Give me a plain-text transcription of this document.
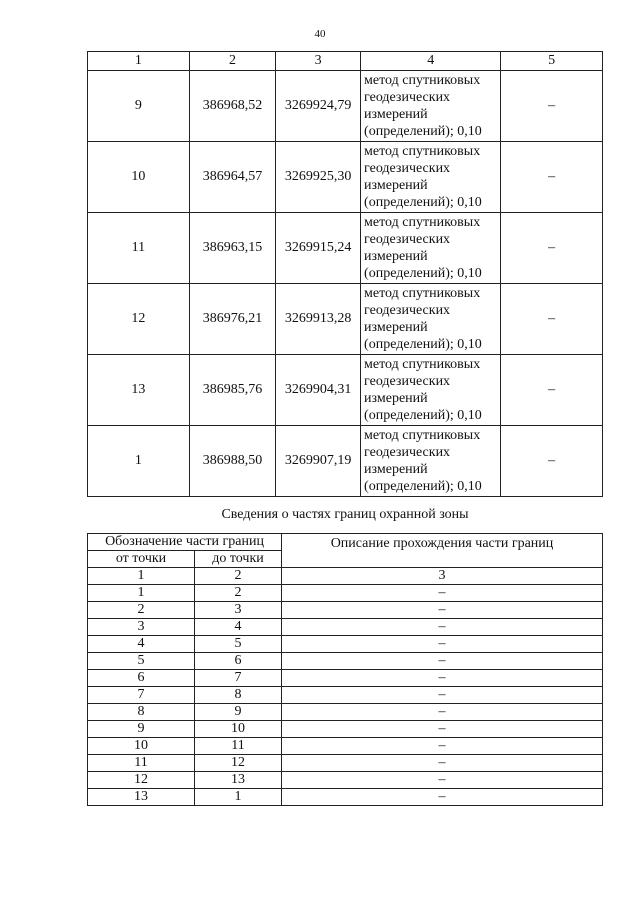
40
1	2	3	4	5
9	386968,52	3269924,79	метод спутниковых
геодезических
измерений
(определений); 0,10	–
10	386964,57	3269925,30	метод спутниковых
геодезических
измерений
(определений); 0,10	–
11	386963,15	3269915,24	метод спутниковых
геодезических
измерений
(определений); 0,10	–
12	386976,21	3269913,28	метод спутниковых
геодезических
измерений
(определений); 0,10	–
13	386985,76	3269904,31	метод спутниковых
геодезических
измерений
(определений); 0,10	–
1	386988,50	3269907,19	метод спутниковых
геодезических
измерений
(определений); 0,10	–
Сведения о частях границ охранной зоны
Обозначение части границ		Описание прохождения части границ
от точки	до точки	
1	2	3
1	2	–
2	3	–
3	4	–
4	5	–
5	6	–
6	7	–
7	8	–
8	9	–
9	10	–
10	11	–
11	12	–
12	13	–
13	1	–
